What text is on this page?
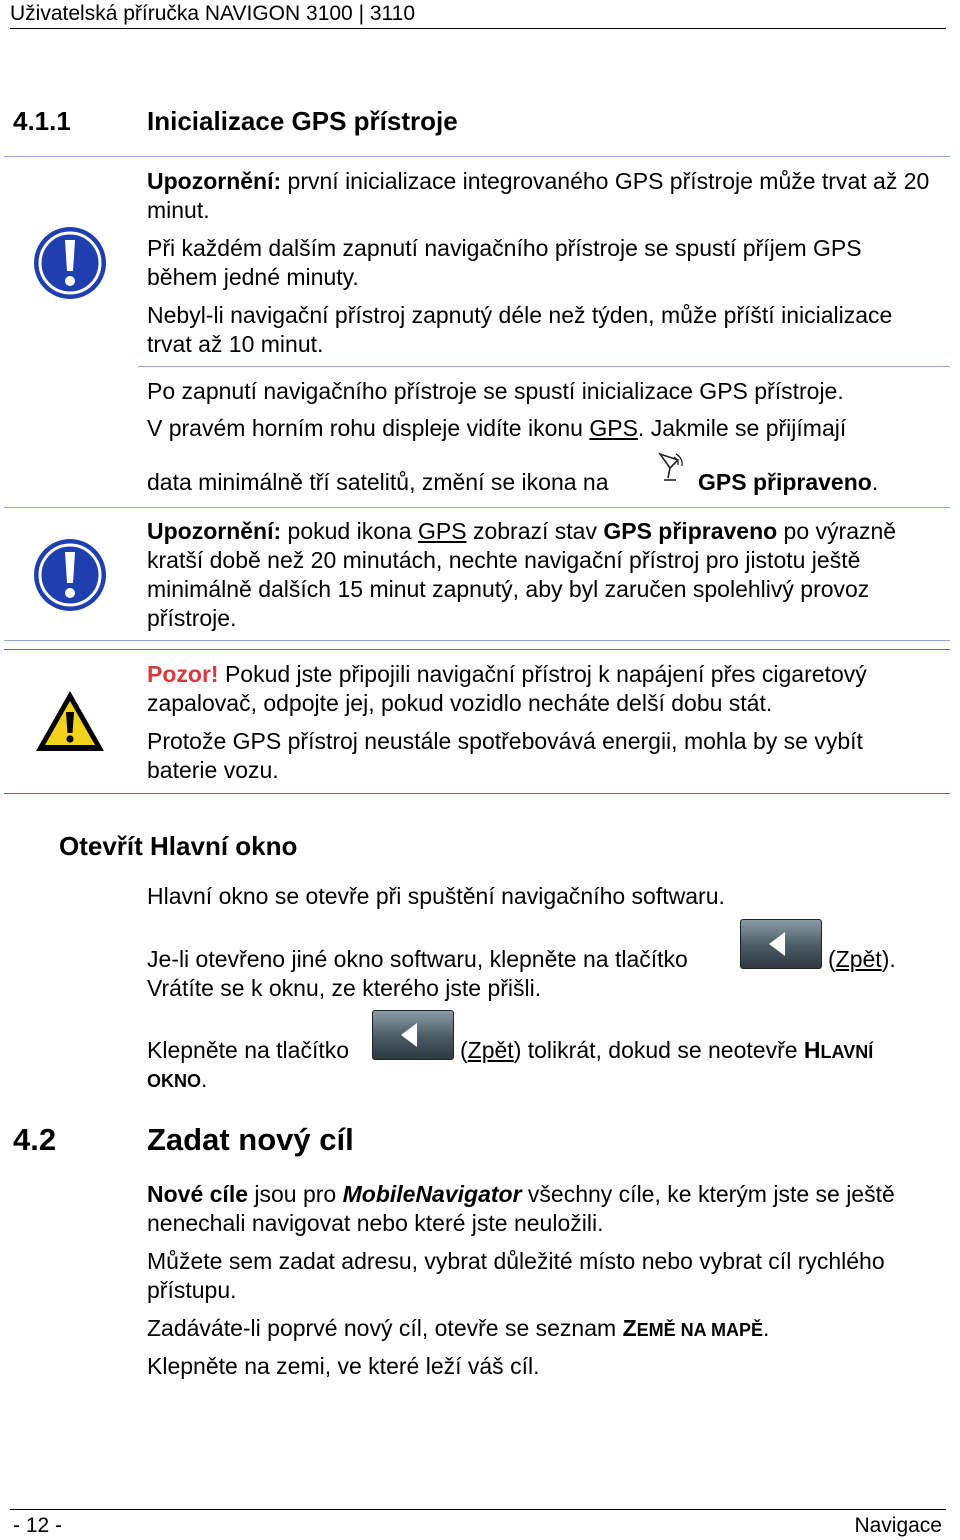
Uživatelská příručka NAVIGON 3100 | 3110
4.1.1	Inicializace GPS přístroje
Upozornění: první inicializace integrovaného GPS přístroje může trvat až 20 minut.
Při každém dalším zapnutí navigačního přístroje se spustí příjem GPS během jedné minuty.
Nebyl-li navigační přístroj zapnutý déle než týden, může příští inicializace trvat až 10 minut.
Po zapnutí navigačního přístroje se spustí inicializace GPS přístroje.
V pravém horním rohu displeje vidíte ikonu GPS. Jakmile se přijímají
data minimálně tří satelitů, změní se ikona na	GPS připraveno.
Upozornění: pokud ikona GPS zobrazí stav GPS připraveno po výrazně kratší době než 20 minutách, nechte navigační přístroj pro jistotu ještě minimálně dalších 15 minut zapnutý, aby byl zaručen spolehlivý provoz přístroje.
Pozor! Pokud jste připojili navigační přístroj k napájení přes cigaretový zapalovač, odpojte jej, pokud vozidlo necháte delší dobu stát.
Protože GPS přístroj neustále spotřebovává energii, mohla by se vybít baterie vozu.
Otevřít Hlavní okno
Hlavní okno se otevře při spuštění navigačního softwaru.
Je-li otevřeno jiné okno softwaru, klepněte na tlačítko	(Zpět).
Vrátíte se k oknu, ze kterého jste přišli.
Klepněte na tlačítko	(Zpět) tolikrát, dokud se neotevře HLAVNÍ
OKNO.
4.2	Zadat nový cíl
Nové cíle jsou pro MobileNavigator všechny cíle, ke kterým jste se ještě nenechali navigovat nebo které jste neuložili.
Můžete sem zadat adresu, vybrat důležité místo nebo vybrat cíl rychlého přístupu.
Zadáváte-li poprvé nový cíl, otevře se seznam ZEMĚ NA MAPĚ.
Klepněte na zemi, ve které leží váš cíl.
- 12 -	Navigace
